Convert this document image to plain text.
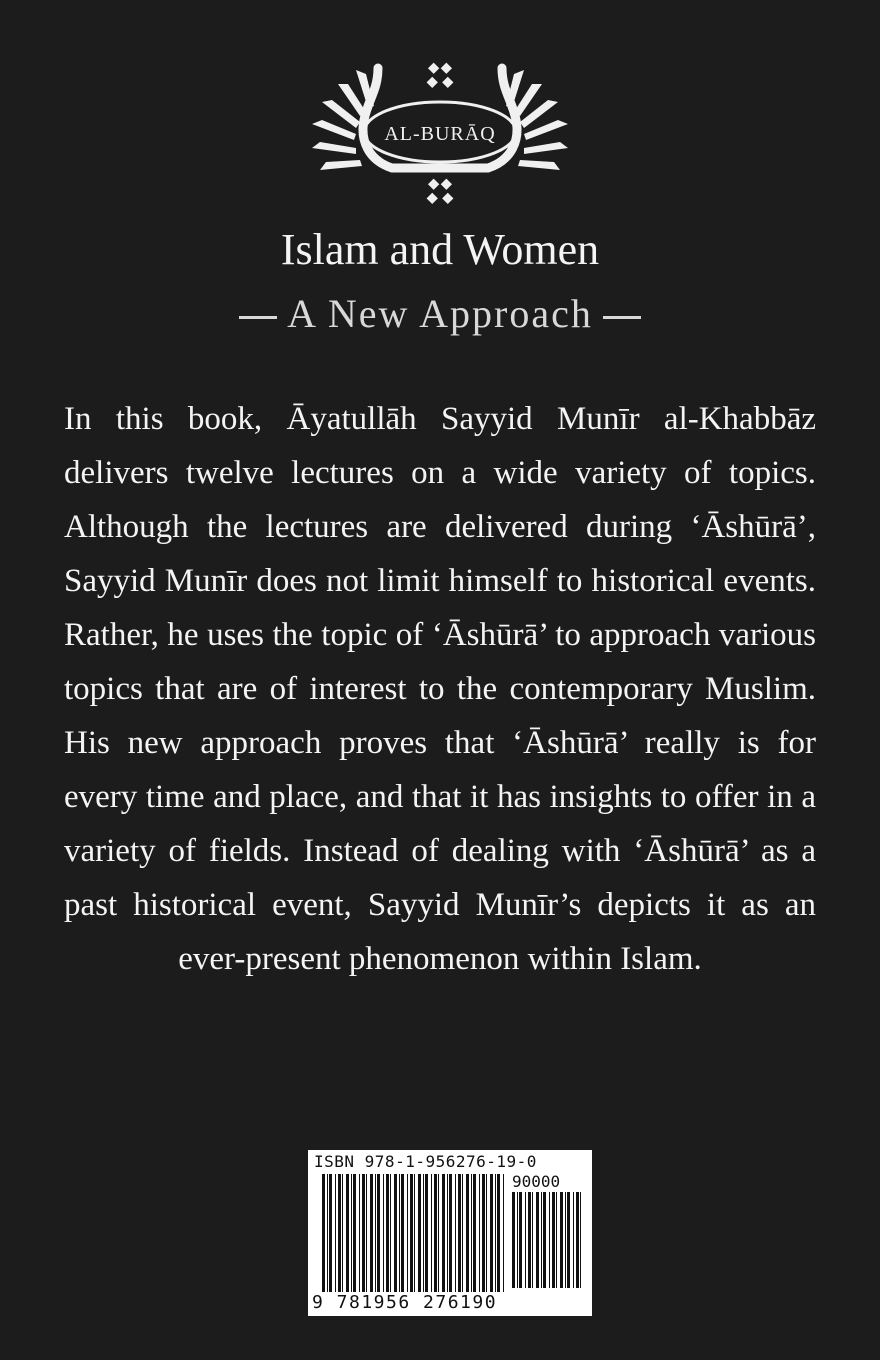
AL-BURĀQ
Islam and Women
A New Approach

In this book, Āyatullāh Sayyid Munīr al-Khabbāz delivers twelve lectures on a wide variety of topics. Although the lectures are delivered during ‘Āshūrā’, Sayyid Munīr does not limit himself to historical events. Rather, he uses the topic of ‘Āshūrā’ to approach various topics that are of interest to the contemporary Muslim. His new approach proves that ‘Āshūrā’ really is for every time and place, and that it has insights to offer in a variety of fields. Instead of dealing with ‘Āshūrā’ as a past historical event, Sayyid Munīr’s depicts it as an ever-present phenomenon within Islam.

ISBN 978-1-956276-19-0
90000
9 781956 276190
